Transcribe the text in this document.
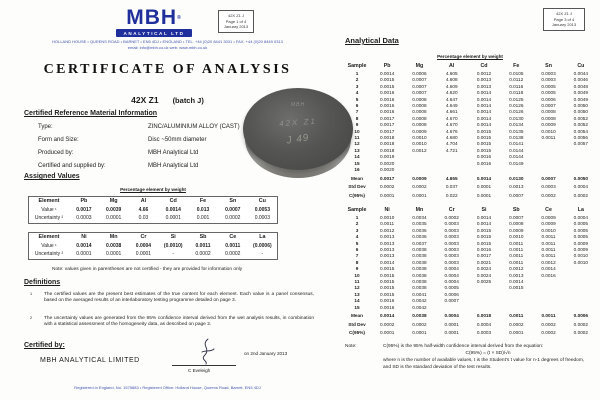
MBH®
ANALYTICAL LTD
42X Z1 J
Page 1 of 4
January 2013
HOLLAND HOUSE • QUEENS ROAD • BARNET • EN5 4DJ • ENGLAND • TEL. +44 (0)20 8441 3031 • FAX. +44 (0)20 8449 0313
email: info@mbh.co.uk web: www.mbh.co.uk
CERTIFICATE OF ANALYSIS
42X Z1 (batch J)
Certified Reference Material Information
Type:	ZINC/ALUMINIUM ALLOY (CAST)
Form and Size:	Disc ~50mm diameter
Produced by:	MBH Analytical Ltd
Certified and supplied by:	MBH Analytical Ltd
MBH
42X Z1
J 49
Assigned Values
Percentage element by weight
Element	Pb	Mg	Al	Cd	Fe	Sn	Cu
Value ¹	0.0017	0.0039	4.66	0.0014	0.013	0.0007	0.0053
Uncertainty ²	0.0003	0.0001	0.03	0.0001	0.001	0.0002	0.0003
Element	Ni	Mn	Cr	Si	Sb	Ce	La
Value ¹	0.0014	0.0038	0.0004	(0.0010)	0.0011	0.0011	(0.0006)
Uncertainty ²	0.0001	0.0001	0.0001	-	0.0002	0.0002	-
Note: values given in parentheses are not certified - they are provided for information only
Definitions
1 The certified values are the present best estimates of the true content for each element. Each value is a panel consensus, based on the averaged results of an interlaboratory testing programme detailed on page 3.
2 The uncertainty values are generated from the 95% confidence interval derived from the wet analysis results, in combination with a statistical assessment of the homogeneity data, as described on page 2.
Certified by:
MBH ANALYTICAL LIMITED
C Eveleigh
on 2nd January 2013
Registered in England, No. 1575883 • Registered Office: Holland House, Queens Road, Barnet, EN5 4DJ
42X Z1 J
Page 3 of 4
January 2013
Analytical Data
Percentage element by weight
Sample	Pb	Mg	Al	Cd	Fe	Sn	Cu
1	0.0014	0.0006	4.605	0.0012	0.0105	0.0003	0.0044
2	0.0015	0.0007	4.608	0.0013	0.0112	0.0003	0.0046
3	0.0015	0.0007	4.609	0.0013	0.0116	0.0005	0.0048
4	0.0016	0.0007	4.620	0.0014	0.0118	0.0005	0.0049
5	0.0016	0.0008	4.647	0.0014	0.0125	0.0006	0.0049
6	0.0016	0.0008	4.649	0.0014	0.0126	0.0007	0.0050
7	0.0016	0.0008	4.661	0.0014	0.0126	0.0008	0.0050
8	0.0017	0.0008	4.670	0.0014	0.0130	0.0008	0.0052
9	0.0017	0.0008	4.670	0.0014	0.0134	0.0009	0.0052
10	0.0017	0.0009	4.676	0.0015	0.0135	0.0010	0.0054
11	0.0018	0.0010	4.680	0.0015	0.0138	0.0011	0.0056
12	0.0018	0.0010	4.704	0.0015	0.0141		0.0057
13	0.0018	0.0012	4.721	0.0015	0.0144		
14	0.0019			0.0016	0.0144		
15	0.0020			0.0016	0.0149		
16	0.0020						
Mean	0.0017	0.0009	4.655	0.0014	0.0130	0.0007	0.0050
Std Dev	0.0002	0.0002	0.037	0.0001	0.0013	0.0003	0.0004
C(95%)	0.0001	0.0001	0.022	0.0001	0.0007	0.0002	0.0002
Sample	Ni	Mn	Cr	Si	Sb	Ce	La
1	0.0010	0.0034	0.0002	0.0014	0.0007	0.0009	0.0004
2	0.0011	0.0035	0.0003	0.0014	0.0008	0.0009	0.0005
3	0.0012	0.0036	0.0003	0.0015	0.0009	0.0010	0.0005
4	0.0013	0.0036	0.0003	0.0015	0.0010	0.0011	0.0005
5	0.0013	0.0037	0.0003	0.0015	0.0011	0.0011	0.0009
6	0.0013	0.0038	0.0003	0.0016	0.0011	0.0011	0.0009
7	0.0013	0.0038	0.0003	0.0017	0.0011	0.0011	0.0010
8	0.0014	0.0038	0.0003	0.0021	0.0011	0.0012	0.0010
9	0.0015	0.0038	0.0004	0.0024	0.0012	0.0014	
10	0.0015	0.0038	0.0004	0.0024	0.0013	0.0016	
11	0.0015	0.0038	0.0004	0.0025	0.0014		
12	0.0015	0.0038	0.0005		0.0015		
13	0.0015	0.0041	0.0006				
14	0.0016	0.0042	0.0007				
15	0.0016	0.0042					
Mean	0.0014	0.0038	0.0004	0.0018	0.0011	0.0011	0.0006
Std Dev	0.0002	0.0002	0.0001	0.0004	0.0002	0.0002	0.0002
C(95%)	0.0001	0.0001	0.0001	0.0003	0.0001	0.0002	0.0002
Note:	C(95%) is the 95% half-width confidence interval derived from the equation:
C(95%) = (t × SD)/√n
where n is the number of available values, t is the Student's t value for n-1 degrees of freedom, and SD is the standard deviation of the test results.
